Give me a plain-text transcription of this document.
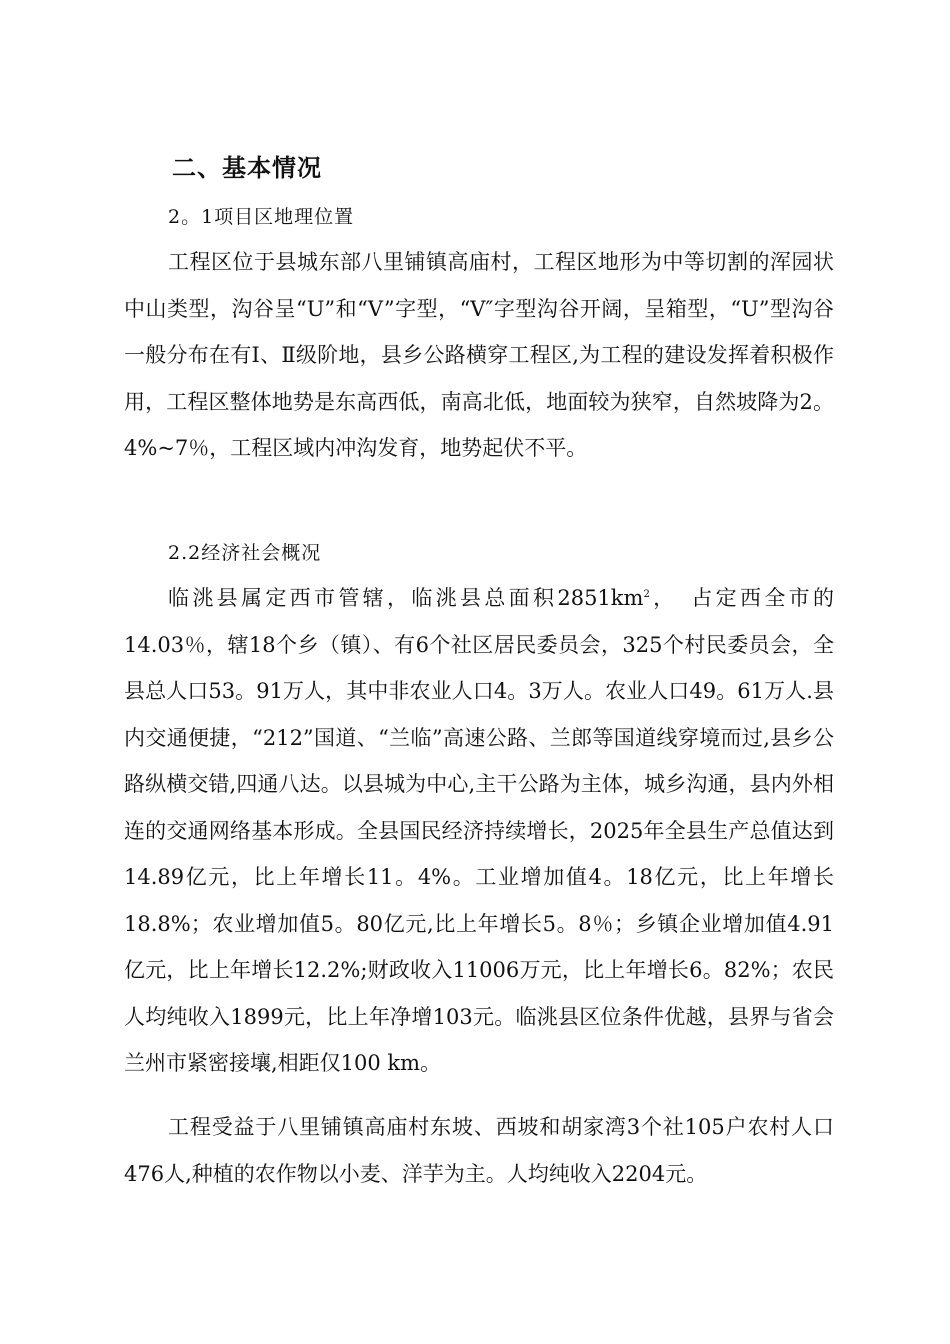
二、基本情况
2。1项目区地理位置

工程区位于县城东部八里铺镇高庙村，工程区地形为中等切割的浑园状中山类型，沟谷呈“U”和“V”字型，“V″字型沟谷开阔，呈箱型，“U”型沟谷一般分布在有Ⅰ、Ⅱ级阶地，县乡公路横穿工程区,为工程的建设发挥着积极作用，工程区整体地势是东高西低，南高北低，地面较为狭窄，自然坡降为2。4%~7％，工程区域内冲沟发育，地势起伏不平。

2.2经济社会概况

临洮县属定西市管辖，临洮县总面积$2851km^2$，　占定西全市的14.03％，辖18个乡（镇）、有6个社区居民委员会，325个村民委员会，全县总人口53。91万人，其中非农业人口4。3万人。农业人口49。61万人.县内交通便捷，“212”国道、“兰临”高速公路、兰郎等国道线穿境而过,县乡公路纵横交错,四通八达。以县城为中心,主干公路为主体，城乡沟通，县内外相连的交通网络基本形成。全县国民经济持续增长，2025年全县生产总值达到14.89亿元，比上年增长11。4%。工业增加值4。18亿元，比上年增长18.8%；农业增加值5。80亿元,比上年增长5。8％；乡镇企业增加值4.91亿元，比上年增长12.2%;财政收入11006万元，比上年增长6。82%；农民人均纯收入1899元，比上年净增103元。临洮县区位条件优越，县界与省会兰州市紧密接壤,相距仅100 km。

工程受益于八里铺镇高庙村东坡、西坡和胡家湾3个社105户农村人口476人,种植的农作物以小麦、洋芋为主。人均纯收入2204元。
